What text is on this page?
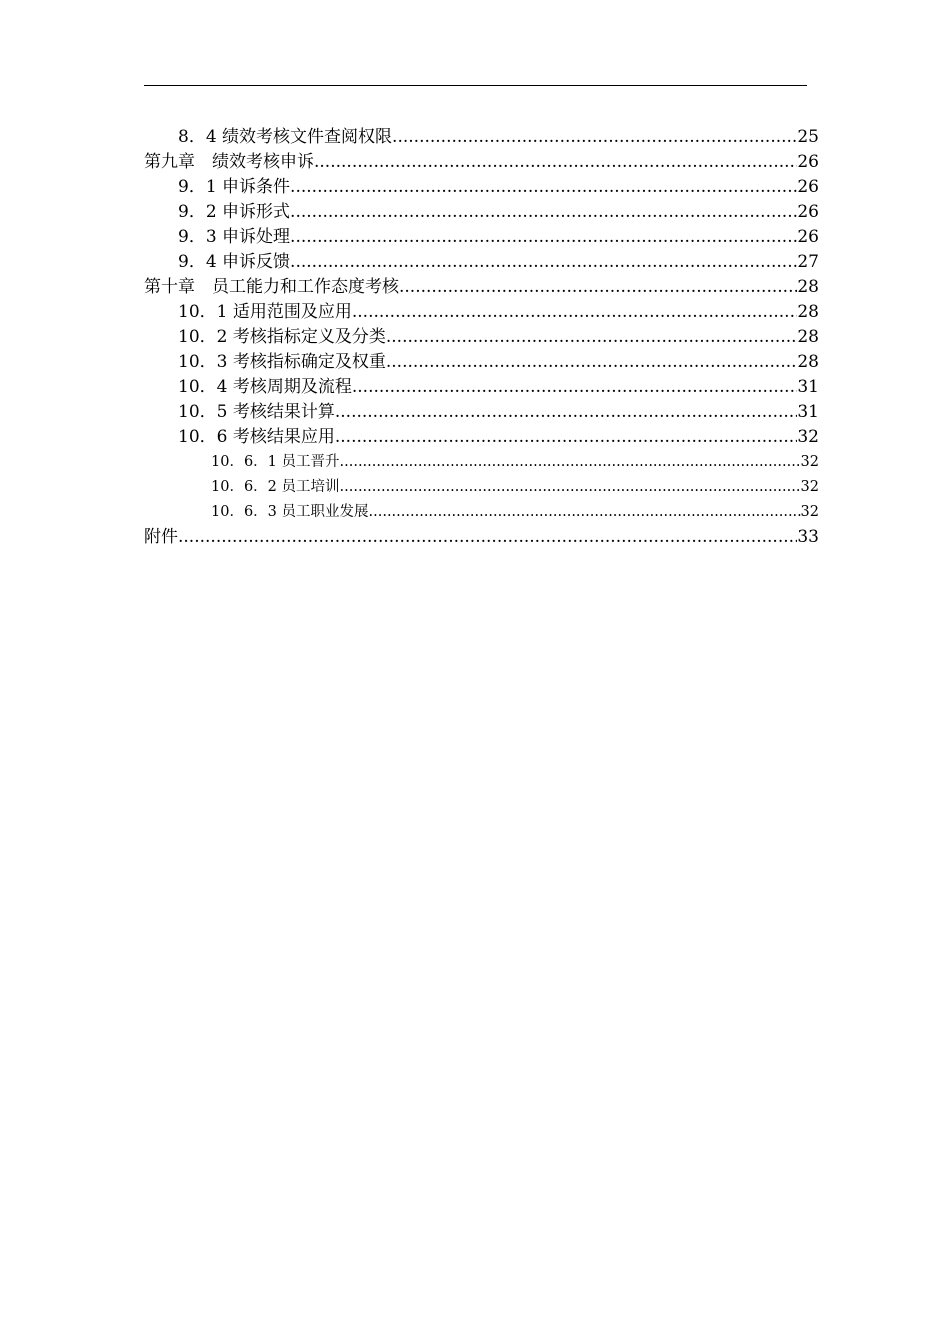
8．4 绩效考核文件查阅权限 .....	25
第九章　绩效考核申诉 .....	26
9．1 申诉条件 .....	26
9．2 申诉形式 .....	26
9．3 申诉处理 .....	26
9．4 申诉反馈 .....	27
第十章　员工能力和工作态度考核 .....	28
10．1 适用范围及应用 .....	28
10．2 考核指标定义及分类 .....	28
10．3 考核指标确定及权重 .....	28
10．4 考核周期及流程 .....	31
10．5 考核结果计算 .....	31
10．6 考核结果应用 .....	32
10．6．1 员工晋升 .....	32
10．6．2 员工培训 .....	32
10．6．3 员工职业发展 .....	32
附件 .....	33
